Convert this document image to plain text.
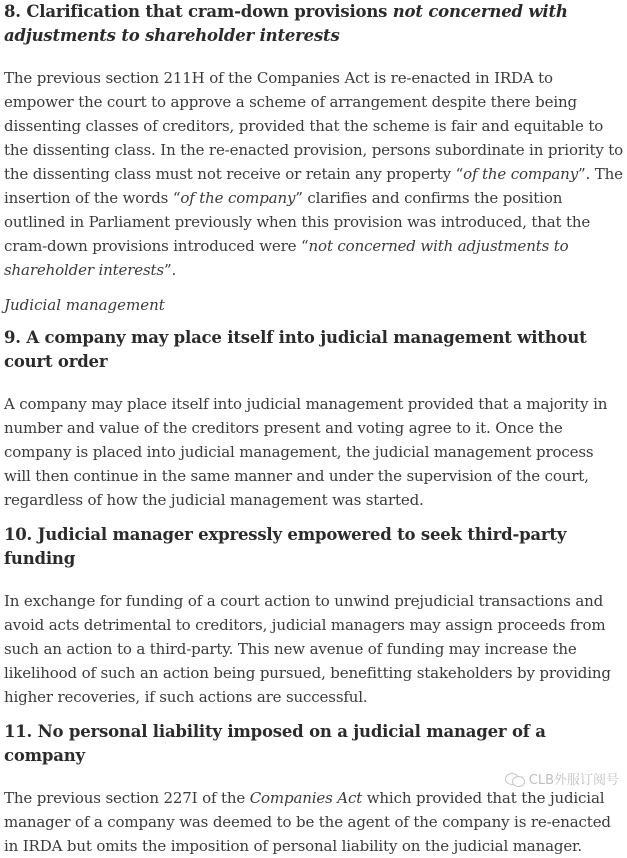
8. Clarification that cram-down provisions not concerned with adjustments to shareholder interests

The previous section 211H of the Companies Act is re-enacted in IRDA to empower the court to approve a scheme of arrangement despite there being dissenting classes of creditors, provided that the scheme is fair and equitable to the dissenting class. In the re-enacted provision, persons subordinate in priority to the dissenting class must not receive or retain any property “of the company”. The insertion of the words “of the company” clarifies and confirms the position outlined in Parliament previously when this provision was introduced, that the cram-down provisions introduced were “not concerned with adjustments to shareholder interests”.

Judicial management
9. A company may place itself into judicial management without court order

A company may place itself into judicial management provided that a majority in number and value of the creditors present and voting agree to it. Once the company is placed into judicial management, the judicial management process will then continue in the same manner and under the supervision of the court, regardless of how the judicial management was started.

10. Judicial manager expressly empowered to seek third-party funding

In exchange for funding of a court action to unwind prejudicial transactions and avoid acts detrimental to creditors, judicial managers may assign proceeds from such an action to a third-party. This new avenue of funding may increase the likelihood of such an action being pursued, benefitting stakeholders by providing higher recoveries, if such actions are successful.

11. No personal liability imposed on a judicial manager of a company

The previous section 227I of the Companies Act which provided that the judicial manager of a company was deemed to be the agent of the company is re-enacted in IRDA but omits the imposition of personal liability on the judicial manager.

CLB外服订阅号
